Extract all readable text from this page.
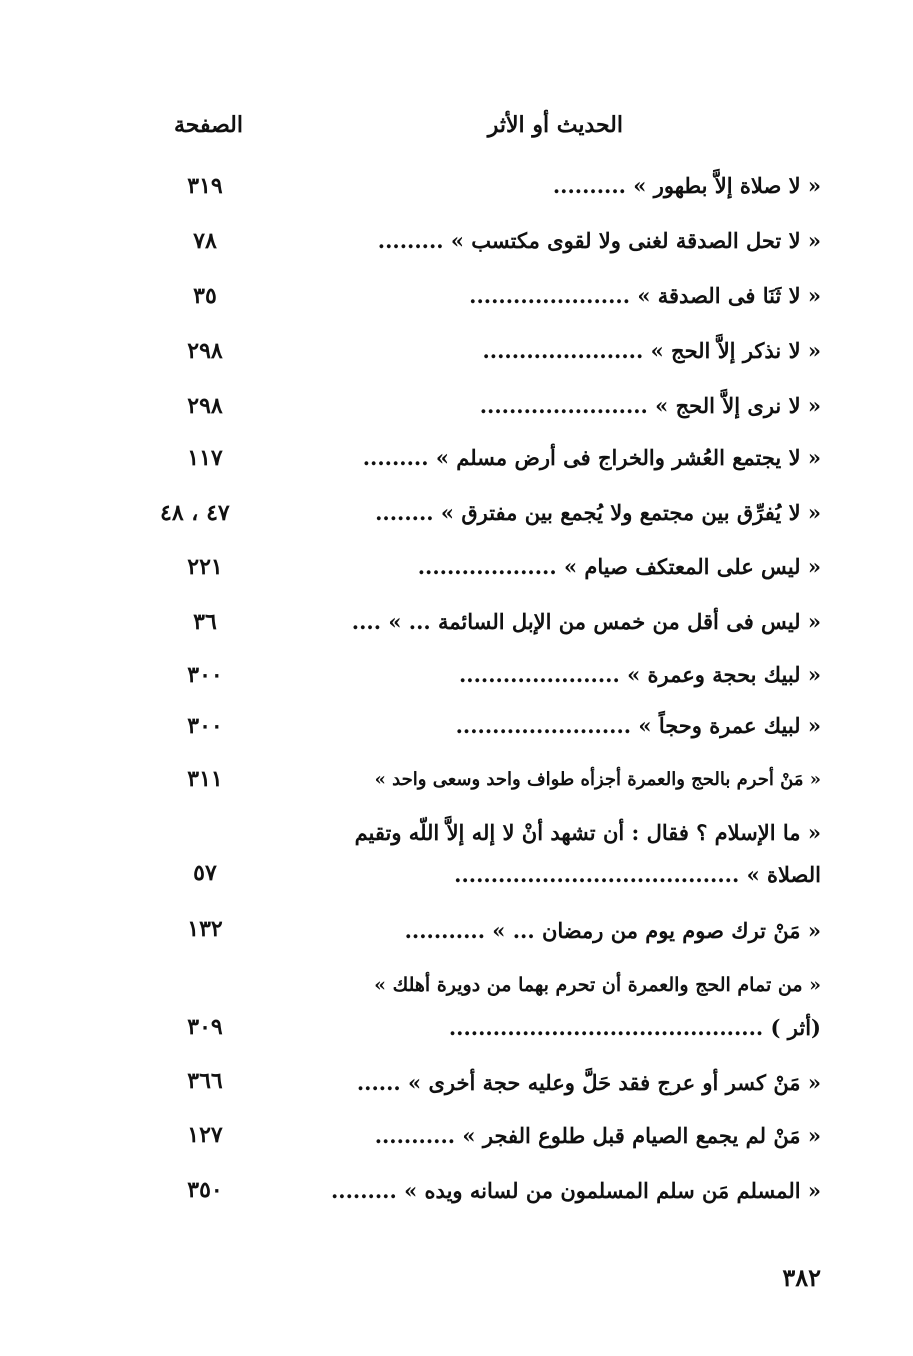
الحديث أو الأثر
الصفحة
« لا صلاة إلاَّ بطهور » ..........
٣١٩
« لا تحل الصدقة لغنى ولا لقوى مكتسب » .........
٧٨
« لا ثَنَا فى الصدقة » ......................
٣٥
« لا نذكر إلاَّ الحج » ......................
٢٩٨
« لا نرى إلاَّ الحج » .......................
٢٩٨
« لا يجتمع العُشر والخراج فى أرض مسلم » .........
١١٧
« لا يُفرِّق بين مجتمع ولا يُجمع بين مفترق » ........
٤٧ ، ٤٨
« ليس على المعتكف صيام » ...................
٢٢١
« ليس فى أقل من خمس من الإبل السائمة ... » ....
٣٦
« لبيك بحجة وعمرة » ......................
٣٠٠
« لبيك عمرة وحجاً » ........................
٣٠٠
« مَنْ أحرم بالحج والعمرة أجزأه طواف واحد وسعى واحد »
٣١١
« ما الإسلام ؟ فقال : أن تشهد أنْ لا إله إلاَّ اللّه وتقيم
الصلاة » .......................................
٥٧
« مَنْ ترك صوم يوم من رمضان ... » ...........
١٣٢
« من تمام الحج والعمرة أن تحرم بهما من دويرة أهلك »
(أثر ) ...........................................
٣٠٩
« مَنْ كسر أو عرج فقد حَلَّ وعليه حجة أخرى » ......
٣٦٦
« مَنْ لم يجمع الصيام قبل طلوع الفجر » ...........
١٢٧
« المسلم مَن سلم المسلمون من لسانه ويده » .........
٣٥٠
٣٨٢
